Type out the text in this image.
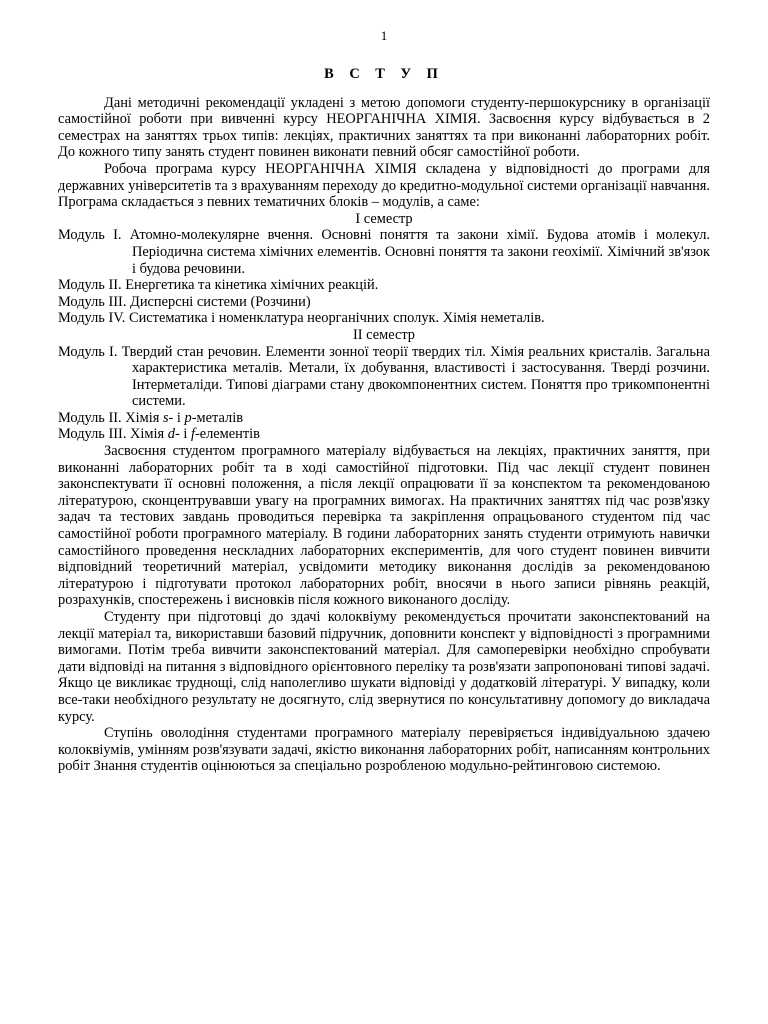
1
В С Т У П

Дані методичні рекомендації укладені з метою допомоги студенту-першокурснику в організації самостійної роботи при вивченні курсу НЕОРГАНІЧНА ХІМІЯ. Засвоєння курсу відбувається в 2 семестрах на заняттях трьох типів: лекціях, практичних заняттях та при виконанні лабораторних робіт. До кожного типу занять студент повинен виконати певний обсяг самостійної роботи.

Робоча програма курсу НЕОРГАНІЧНА ХІМІЯ складена у відповідності до програми для державних університетів та з врахуванням переходу до кредитно-модульної системи організації навчання. Програма складається з певних тематичних блоків – модулів, а саме:

І семестр
Модуль І. Атомно-молекулярне вчення. Основні поняття та закони хімії. Будова атомів і молекул. Періодична система хімічних елементів. Основні поняття та закони геохімії. Хімічний зв'язок і будова речовини.
Модуль ІІ. Енергетика та кінетика хімічних реакцій.
Модуль ІІІ. Дисперсні системи (Розчини)
Модуль IV. Систематика і номенклатура неорганічних сполук. Хімія неметалів.
ІІ семестр
Модуль І. Твердий стан речовин. Елементи зонної теорії твердих тіл. Хімія реальних кристалів. Загальна характеристика металів. Метали, їх добування, властивості і застосування. Тверді розчини. Інтерметаліди. Типові діаграми стану двокомпонентних систем. Поняття про трикомпонентні системи.
Модуль ІІ. Хімія s- і p-металів
Модуль ІІІ. Хімія d- і f-елементів

Засвоєння студентом програмного матеріалу відбувається на лекціях, практичних заняття, при виконанні лабораторних робіт та в ході самостійної підготовки. Під час лекції студент повинен законспектувати її основні положення, а після лекції опрацювати її за конспектом та рекомендованою літературою, сконцентрувавши увагу на програмних вимогах. На практичних заняттях під час розв'язку задач та тестових завдань проводиться перевірка та закріплення опрацьованого студентом під час самостійної роботи програмного матеріалу. В години лабораторних занять студенти отримують навички самостійного проведення нескладних лабораторних експериментів, для чого студент повинен вивчити відповідний теоретичний матеріал, усвідомити методику виконання дослідів за рекомендованою літературою і підготувати протокол лабораторних робіт, вносячи в нього записи рівнянь реакцій, розрахунків, спостережень і висновків після кожного виконаного досліду.

Студенту при підготовці до здачі колоквіуму рекомендується прочитати законспектований на лекції матеріал та, використавши базовий підручник, доповнити конспект у відповідності з програмними вимогами. Потім треба вивчити законспектований матеріал. Для самоперевірки необхідно спробувати дати відповіді на питання з відповідного орієнтовного переліку та розв'язати запропоновані типові задачі. Якщо це викликає труднощі, слід наполегливо шукати відповіді у додатковій літературі. У випадку, коли все-таки необхідного результату не досягнуто, слід звернутися по консультативну допомогу до викладача курсу.

Ступінь оволодіння студентами програмного матеріалу перевіряється індивідуальною здачею колоквіумів, умінням розв'язувати задачі, якістю виконання лабораторних робіт, написанням контрольних робіт Знання студентів оцінюються за спеціально розробленою модульно-рейтинговою системою.
